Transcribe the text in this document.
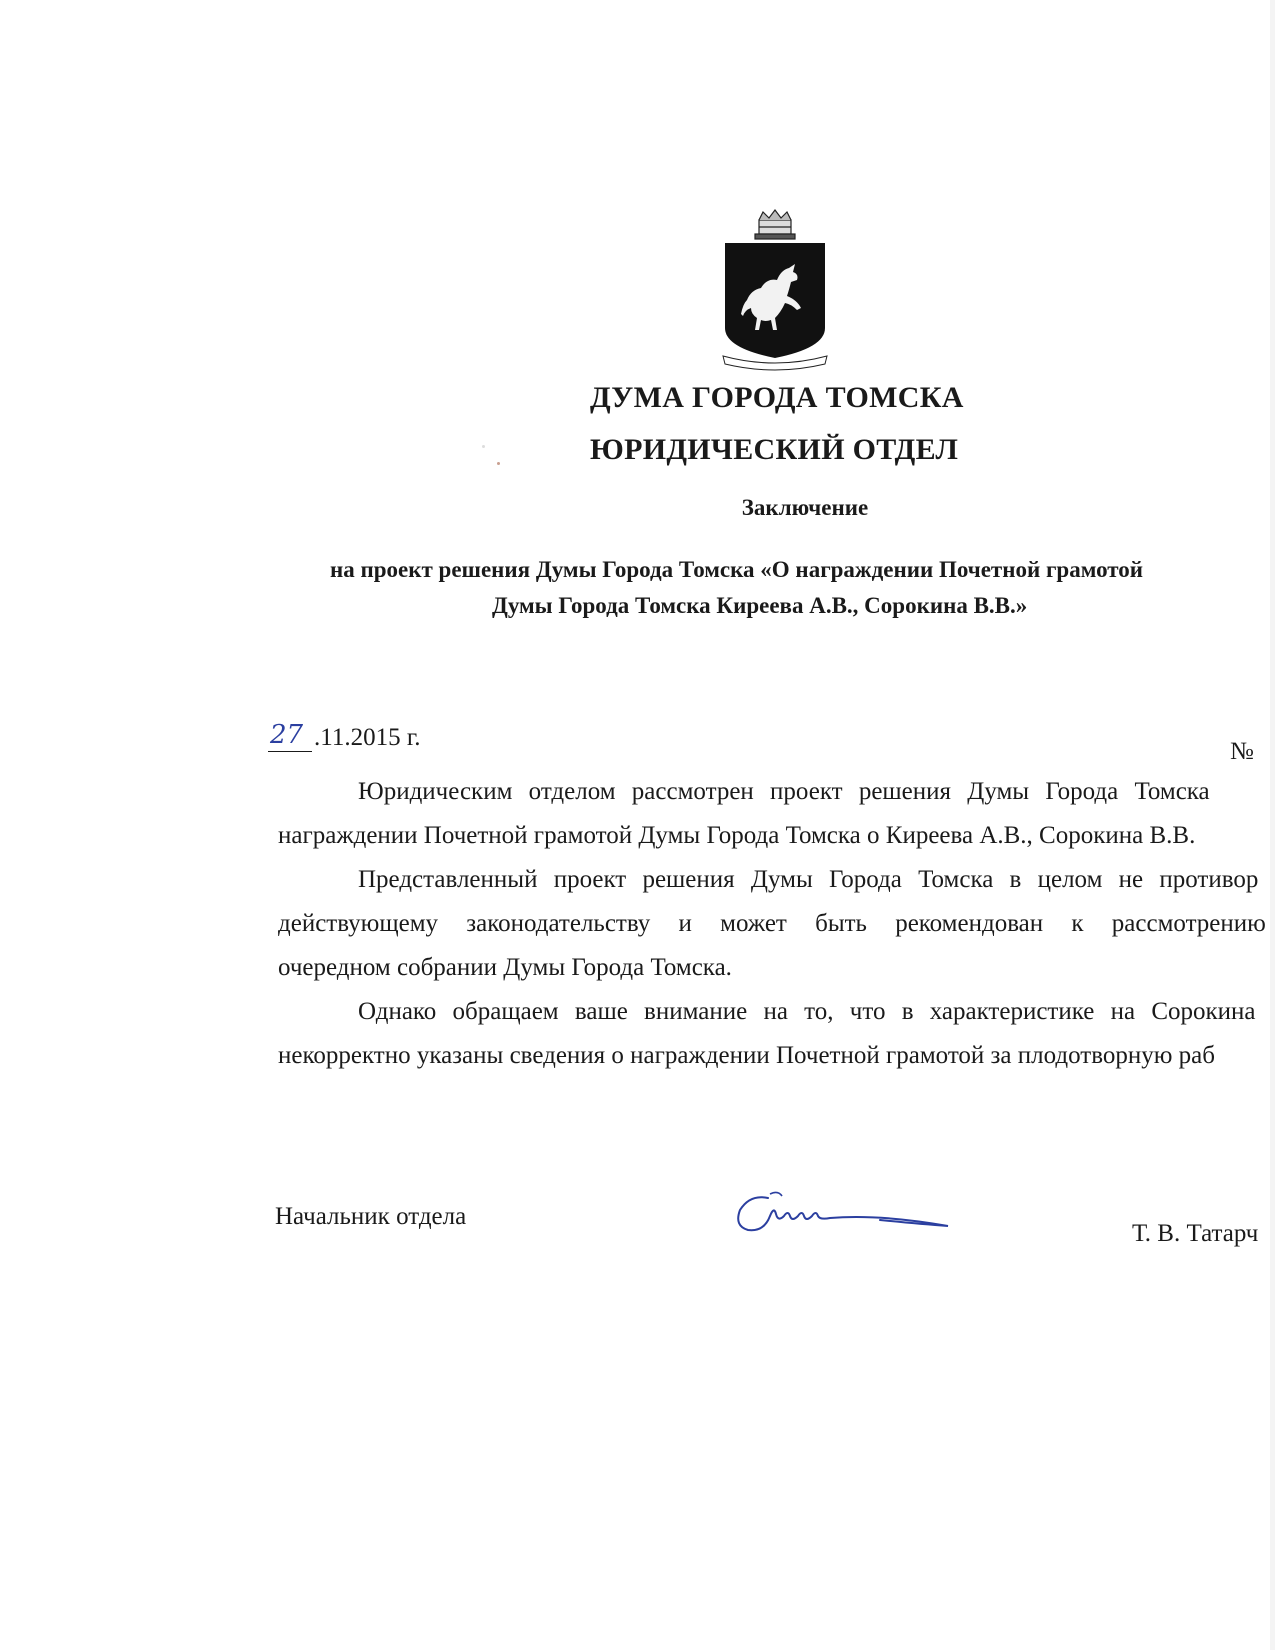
ДУМА ГОРОДА ТОМСКА
ЮРИДИЧЕСКИЙ ОТДЕЛ
Заключение
на проект решения Думы Города Томска «О награждении Почетной грамотой
Думы Города Томска Киреева А.В., Сорокина В.В.»
27 .11.2015 г.
№

Юридическим отделом рассмотрен проект решения Думы Города Томска

награждении Почетной грамотой Думы Города Томска о Киреева А.В., Сорокина В.В.

Представленный проект решения Думы Города Томска в целом не противор

действующему законодательству и может быть рекомендован к рассмотрению

очередном собрании Думы Города Томска.

Однако обращаем ваше внимание на то, что в характеристике на Сорокина

некорректно указаны сведения о награждении Почетной грамотой за плодотворную раб

Начальник отдела
Т. В. Татарч
